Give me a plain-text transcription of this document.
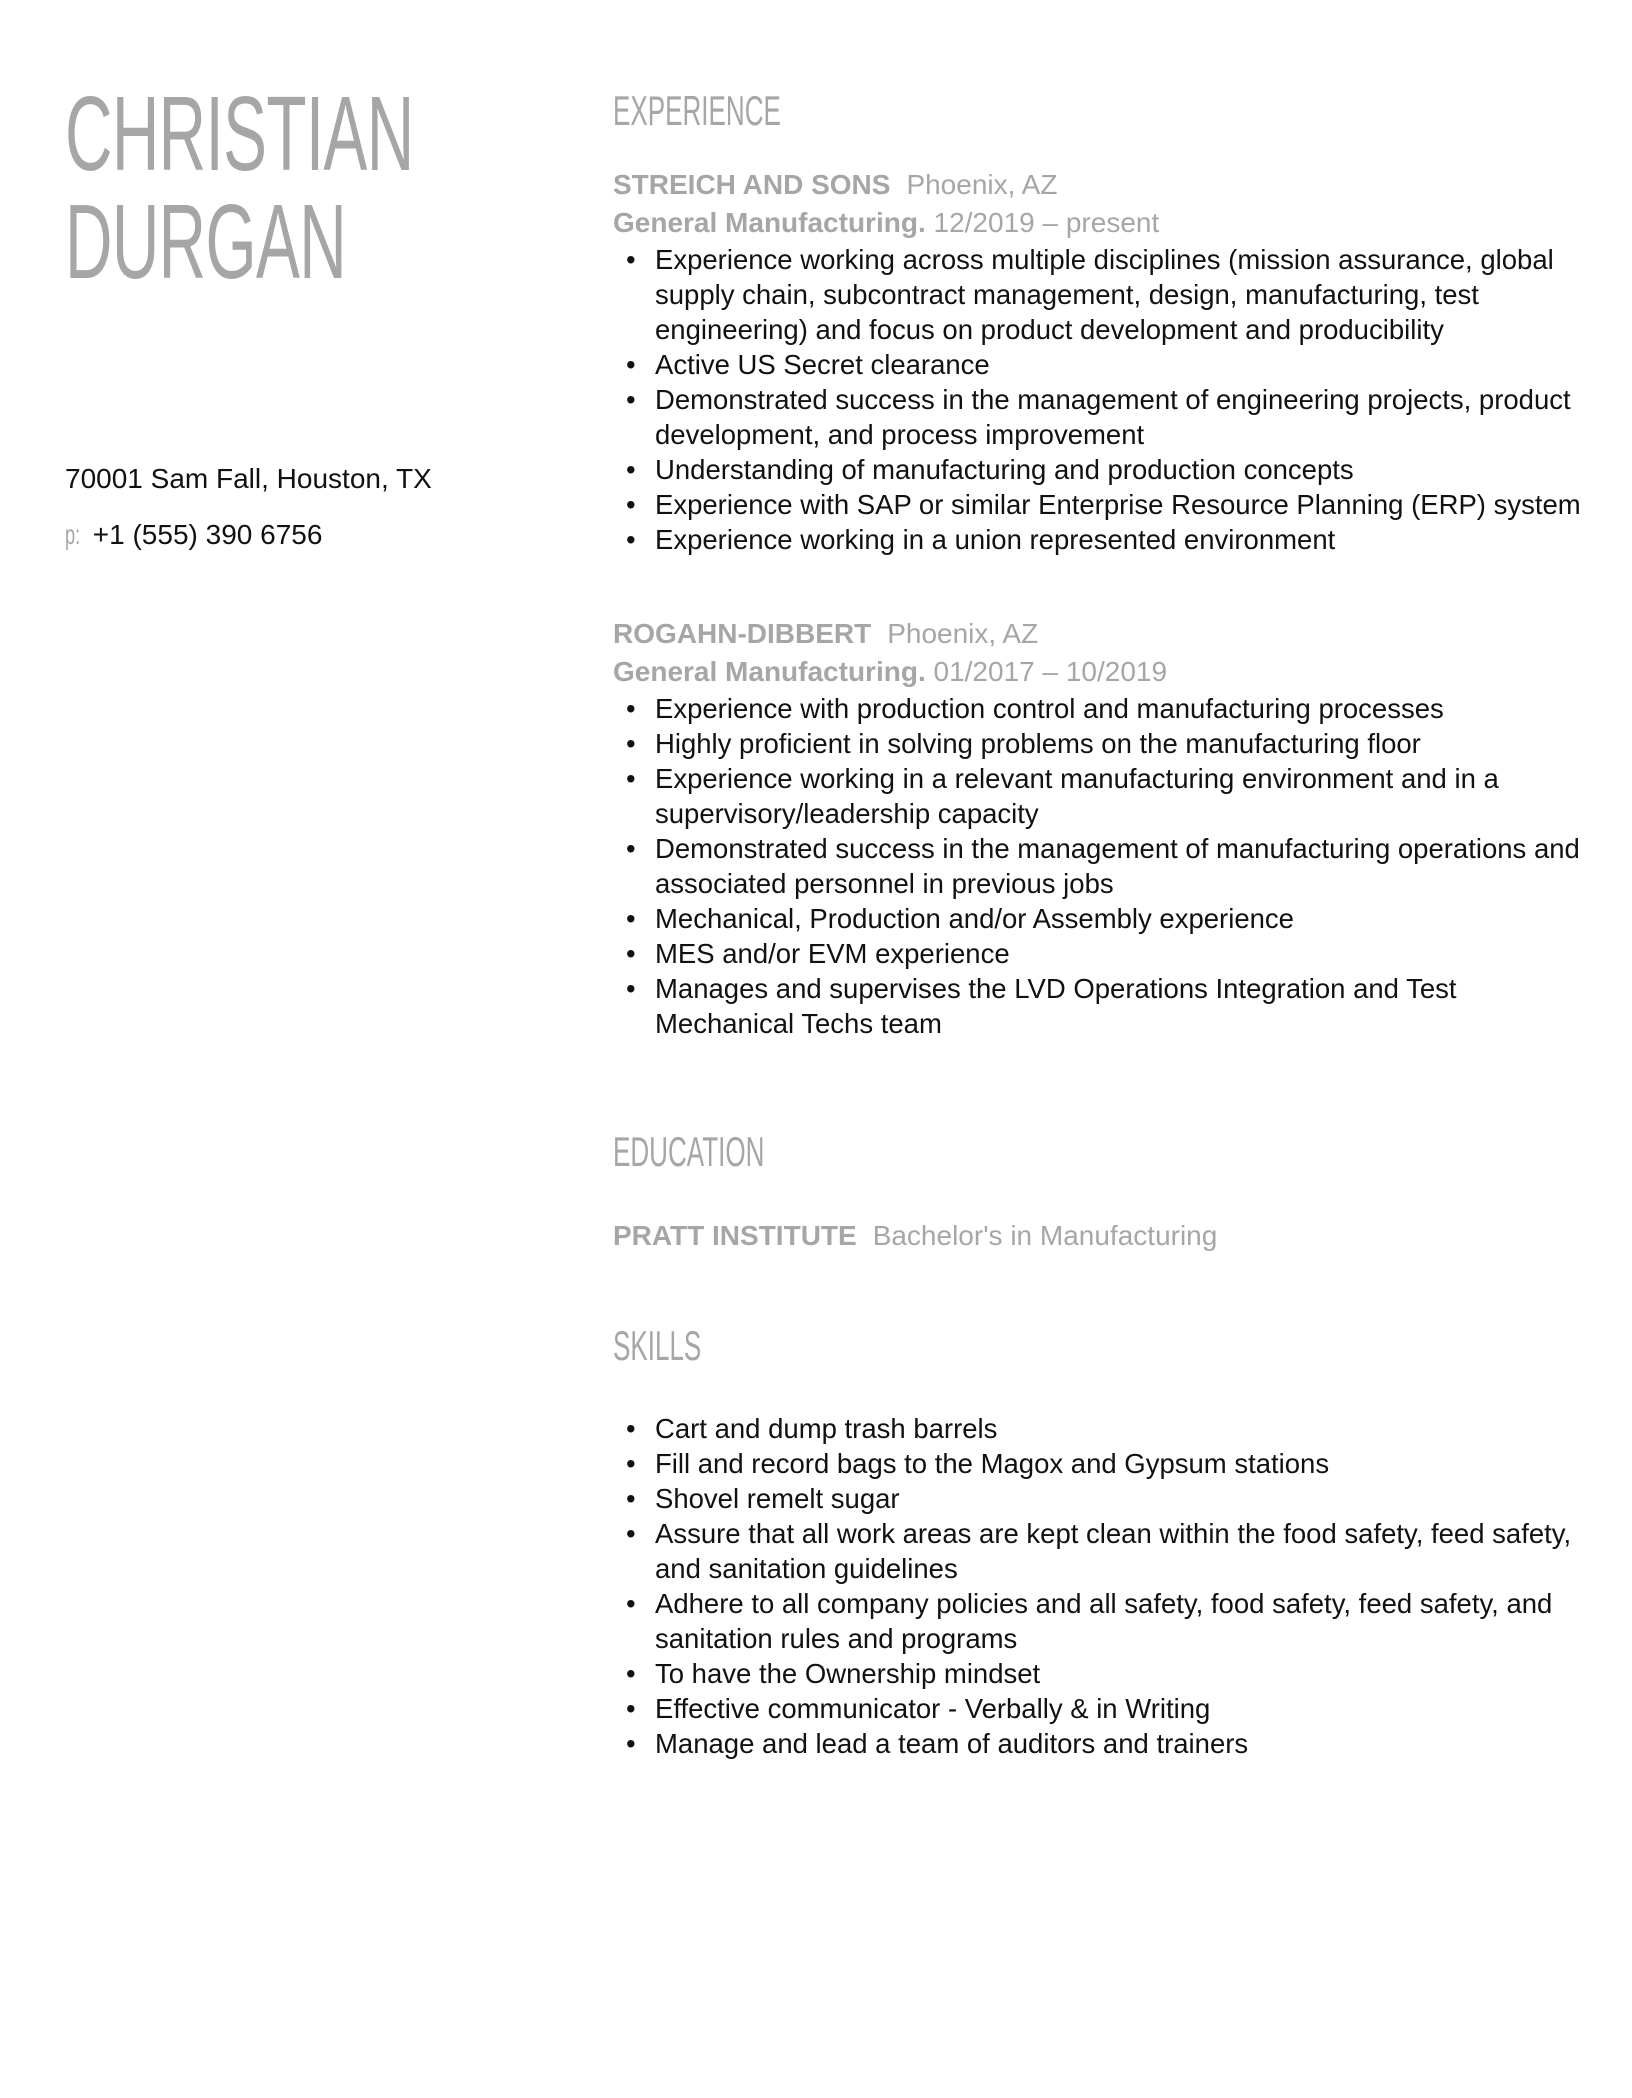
CHRISTIAN
DURGAN
70001 Sam Fall, Houston, TX
p: +1 (555) 390 6756
EXPERIENCE
STREICH AND SONS Phoenix, AZ
General Manufacturing. 12/2019 – present
• Experience working across multiple disciplines (mission assurance, global supply chain, subcontract management, design, manufacturing, test engineering) and focus on product development and producibility
• Active US Secret clearance
• Demonstrated success in the management of engineering projects, product development, and process improvement
• Understanding of manufacturing and production concepts
• Experience with SAP or similar Enterprise Resource Planning (ERP) system
• Experience working in a union represented environment
ROGAHN-DIBBERT Phoenix, AZ
General Manufacturing. 01/2017 – 10/2019
• Experience with production control and manufacturing processes
• Highly proficient in solving problems on the manufacturing floor
• Experience working in a relevant manufacturing environment and in a supervisory/leadership capacity
• Demonstrated success in the management of manufacturing operations and associated personnel in previous jobs
• Mechanical, Production and/or Assembly experience
• MES and/or EVM experience
• Manages and supervises the LVD Operations Integration and Test Mechanical Techs team
EDUCATION
PRATT INSTITUTE Bachelor's in Manufacturing
SKILLS
• Cart and dump trash barrels
• Fill and record bags to the Magox and Gypsum stations
• Shovel remelt sugar
• Assure that all work areas are kept clean within the food safety, feed safety, and sanitation guidelines
• Adhere to all company policies and all safety, food safety, feed safety, and sanitation rules and programs
• To have the Ownership mindset
• Effective communicator - Verbally & in Writing
• Manage and lead a team of auditors and trainers
